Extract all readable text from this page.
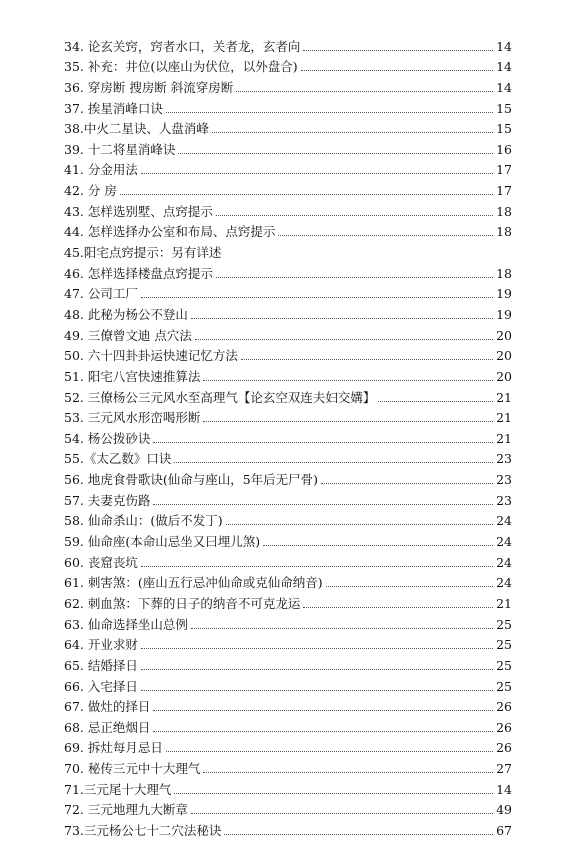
34. 论玄关窍，窍者水口，关者龙，玄者向	14
35. 补充：井位(以座山为伏位，以外盘合)	14
36. 穿房断 搜房断 斜流穿房断	14
37. 挨星消峰口诀	15
38.中火二星诀、人盘消峰	15
39. 十二将星消峰诀	16
41. 分金用法	17
42. 分 房	17
43. 怎样选别墅、点窍提示	18
44. 怎样选择办公室和布局、点窍提示	18
45.阳宅点窍提示：另有详述
46. 怎样选择楼盘点窍提示	18
47. 公司工厂	19
48. 此秘为杨公不登山	19
49. 三僚曾文迪 点穴法	20
50. 六十四卦卦运快速记忆方法	20
51. 阳宅八宫快速推算法	20
52. 三僚杨公三元风水至高理气【论玄空双连夫妇交媾】	21
53. 三元风水形峦喝形断	21
54. 杨公拨砂诀	21
55.《太乙数》口诀	23
56. 地虎食骨歌诀(仙命与座山，5年后无尸骨)	23
57. 夫妻克伤路	23
58. 仙命杀山：(做后不发丁)	24
59. 仙命座(本命山忌坐又曰埋儿煞)	24
60. 丧窟丧坑	24
61. 刺害煞：(座山五行忌冲仙命或克仙命纳音)	24
62. 刺血煞：下葬的日子的纳音不可克龙运	21
63. 仙命选择坐山总例	25
64. 开业求财	25
65. 结婚择日	25
66. 入宅择日	25
67. 做灶的择日	26
68. 忌正绝烟日	26
69. 拆灶每月忌日	26
70. 秘传三元中十大理气	27
71.三元尾十大理气	14
72. 三元地理九大断章	49
73.三元杨公七十二穴法秘诀	67
